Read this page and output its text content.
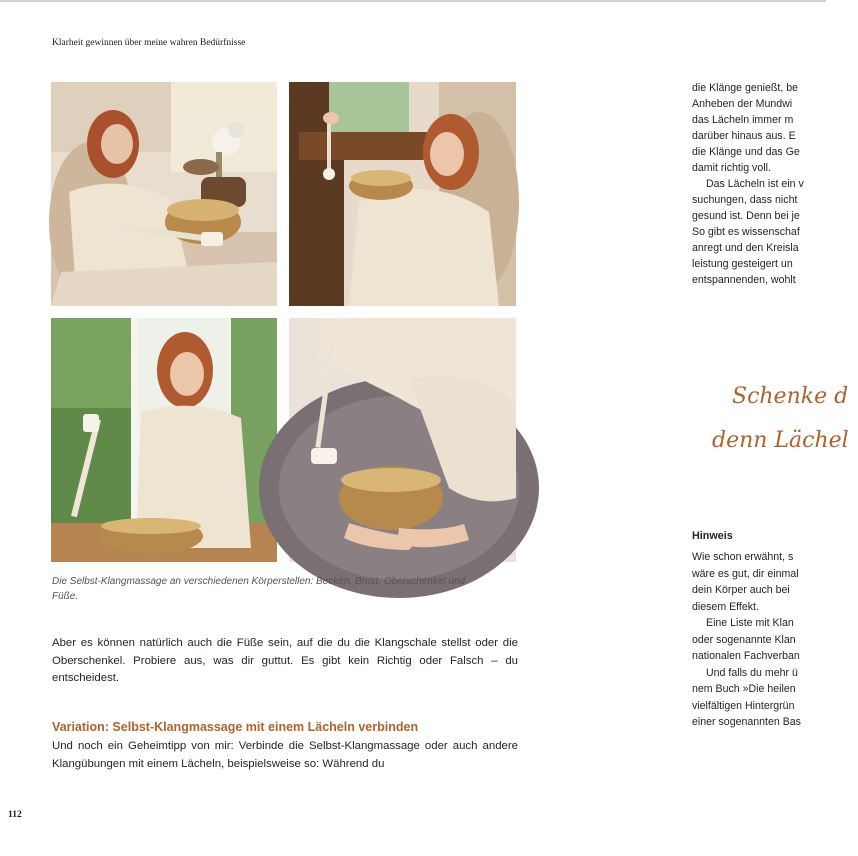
Klarheit gewinnen über meine wahren Bedürfnisse
Die Selbst-Klangmassage an verschiedenen Körperstellen: Becken, Brust, Oberschenkel und Füße.

Aber es können natürlich auch die Füße sein, auf die du die Klangschale stellst oder die Oberschenkel. Probiere aus, was dir guttut. Es gibt kein Richtig oder Falsch – du entscheidest.

Variation: Selbst-Klangmassage mit einem Lächeln verbinden
Und noch ein Geheimtipp von mir: Verbinde die Selbst-Klangmassage oder auch andere Klangübungen mit einem Lächeln, beispielsweise so: Während du
112
die Klänge genießt, be
Anheben der Mundwi
das Lächeln immer m
darüber hinaus aus. E
die Klänge und das Ge
damit richtig voll.
Das Lächeln ist ein v
suchungen, dass nicht
gesund ist. Denn bei je
So gibt es wissenschaf
anregt und den Kreisla
leistung gesteigert un
entspannenden, wohlt
Schenke d
denn Lächel
Hinweis
Wie schon erwähnt, s
wäre es gut, dir einmal
dein Körper auch bei
diesem Effekt.
Eine Liste mit Klan
oder sogenannte Klan
nationalen Fachverban
Und falls du mehr ü
nem Buch »Die heilen
vielfältigen Hintergrün
einer sogenannten Bas
